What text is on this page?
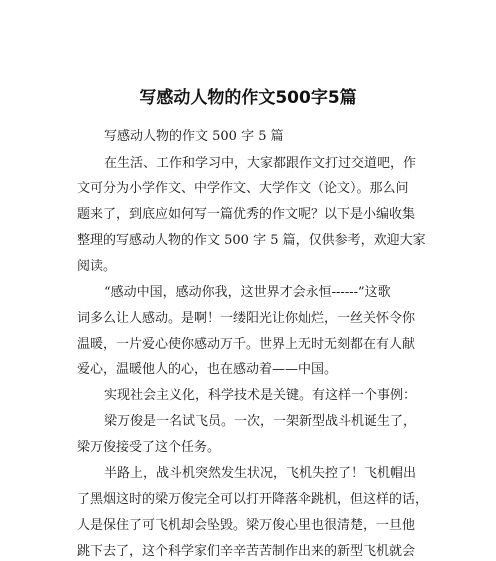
写感动人物的作文500字5篇
写感动人物的作文 500 字 5 篇
在生活、工作和学习中，大家都跟作文打过交道吧，作
文可分为小学作文、中学作文、大学作文（论文）。那么问
题来了，到底应如何写一篇优秀的作文呢？以下是小编收集
整理的写感动人物的作文 500 字 5 篇，仅供参考，欢迎大家
阅读。
“感动中国，感动你我，这世界才会永恒------”这歌
词多么让人感动。是啊！一缕阳光让你灿烂，一丝关怀令你
温暖，一片爱心使你感动万千。世界上无时无刻都在有人献
爱心，温暖他人的心，也在感动着——中国。
实现社会主义化，科学技术是关键。有这样一个事例：
梁万俊是一名试飞员。一次，一架新型战斗机诞生了，
梁万俊接受了这个任务。
半路上，战斗机突然发生状况，飞机失控了！飞机帽出
了黑烟这时的梁万俊完全可以打开降落伞跳机，但这样的话，
人是保住了可飞机却会坠毁。梁万俊心里也很清楚，一旦他
跳下去了，这个科学家们辛辛苦苦制作出来的新型飞机就会
